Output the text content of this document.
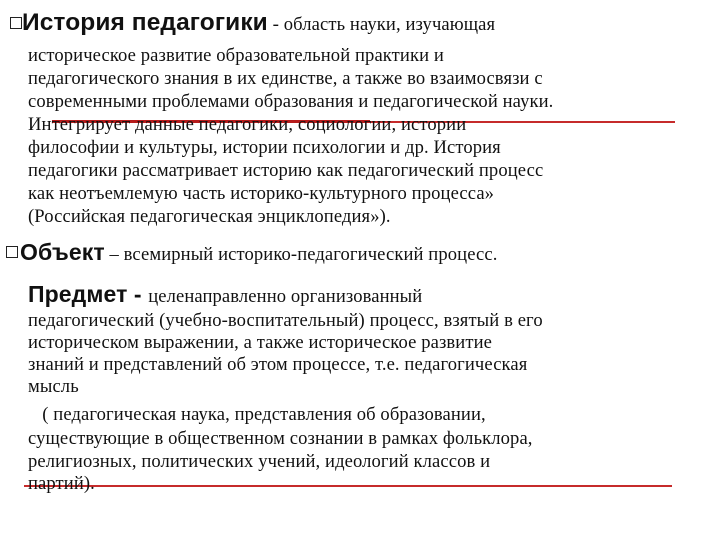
История педагогики - область науки, изучающая
историческое развитие образовательной практики и
педагогического знания в их единстве, а также во взаимосвязи с
современными проблемами образования и педагогической науки.
Интегрирует данные педагогики, социологии, истории
философии и культуры, истории психологии и др. История
педагогики рассматривает историю как педагогический процесс
как неотъемлемую часть историко-культурного процесса»
(Российская педагогическая энциклопедия»).
Объект – всемирный историко-педагогический процесс.
Предмет - целенаправленно организованный
педагогический (учебно-воспитательный) процесс, взятый в его
историческом выражении, а также историческое развитие
знаний и представлений об этом процессе, т.е. педагогическая
мысль
( педагогическая наука, представления об образовании,
существующие в общественном сознании в рамках фольклора,
религиозных, политических учений, идеологий классов и
партий).
